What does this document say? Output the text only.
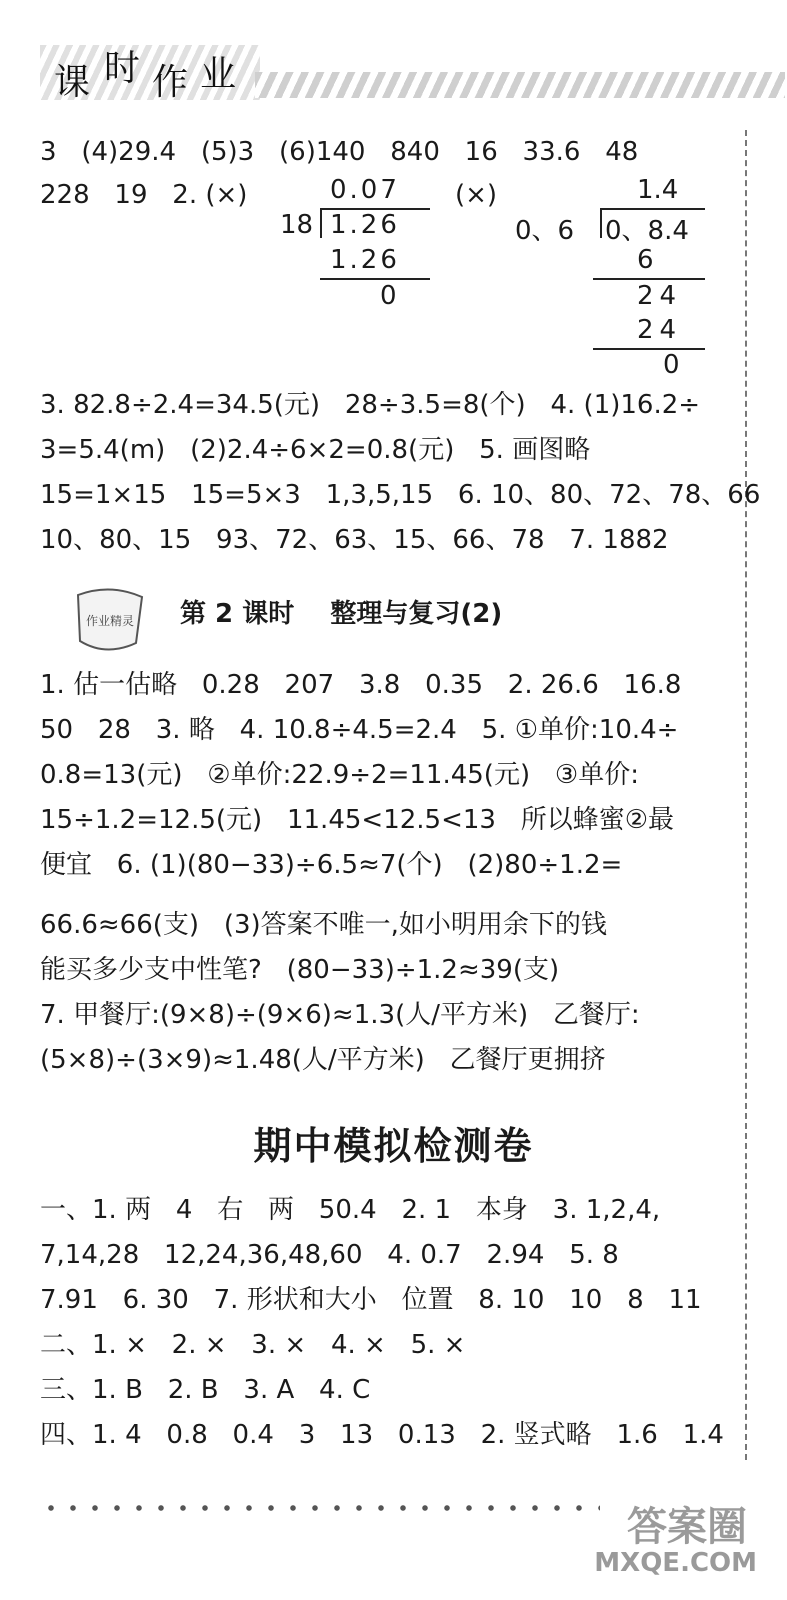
课 时 作 业
3   (4)29.4   (5)3   (6)140   840   16   33.6   48
228   19   2. (×)	(×)
0.07
18 1.26
1.26
0
1.4
0、6 0、8.4
6
24
24
0
3. 82.8÷2.4=34.5(元)   28÷3.5=8(个)   4. (1)16.2÷
3=5.4(m)   (2)2.4÷6×2=0.8(元)   5. 画图略
15=1×15   15=5×3   1,3,5,15   6. 10、80、72、78、66
10、80、15   93、72、63、15、66、78   7. 1882
作业精灵 第 2 课时    整理与复习(2)
1. 估一估略   0.28   207   3.8   0.35   2. 26.6   16.8
50   28   3. 略   4. 10.8÷4.5=2.4   5. ①单价:10.4÷
0.8=13(元)   ②单价:22.9÷2=11.45(元)   ③单价:
15÷1.2=12.5(元)   11.45<12.5<13   所以蜂蜜②最
便宜   6. (1)(80−33)÷6.5≈7(个)   (2)80÷1.2=
66.6≈66(支)   (3)答案不唯一,如小明用余下的钱
能买多少支中性笔?   (80−33)÷1.2≈39(支)
7. 甲餐厅:(9×8)÷(9×6)≈1.3(人/平方米)   乙餐厅:
(5×8)÷(3×9)≈1.48(人/平方米)   乙餐厅更拥挤
期中模拟检测卷
一、1. 两   4   右   两   50.4   2. 1   本身   3. 1,2,4,
7,14,28   12,24,36,48,60   4. 0.7   2.94   5. 8
7.91   6. 30   7. 形状和大小   位置   8. 10   10   8   11
二、1. ×   2. ×   3. ×   4. ×   5. ×
三、1. B   2. B   3. A   4. C
四、1. 4   0.8   0.4   3   13   0.13   2. 竖式略   1.6   1.4
答案圈
MXQE.COM
